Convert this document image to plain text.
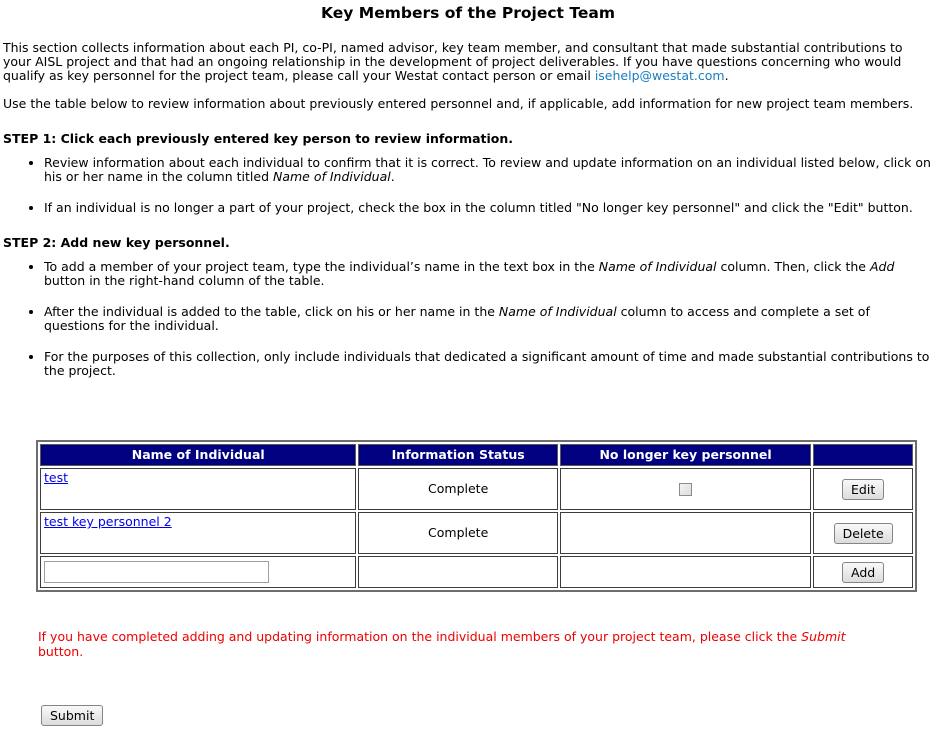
Key Members of the Project Team

This section collects information about each PI, co-PI, named advisor, key team member, and consultant that made substantial contributions to your AISL project and that had an ongoing relationship in the development of project deliverables. If you have questions concerning who would qualify as key personnel for the project team, please call your Westat contact person or email isehelp@westat.com.

Use the table below to review information about previously entered personnel and, if applicable, add information for new project team members.

STEP 1: Click each previously entered key person to review information.
• Review information about each individual to confirm that it is correct. To review and update information on an individual listed below, click on his or her name in the column titled Name of Individual.
• If an individual is no longer a part of your project, check the box in the column titled "No longer key personnel" and click the "Edit" button.
STEP 2: Add new key personnel.
• To add a member of your project team, type the individual’s name in the text box in the Name of Individual column. Then, click the Add button in the right-hand column of the table.
• After the individual is added to the table, click on his or her name in the Name of Individual column to access and complete a set of questions for the individual.
• For the purposes of this collection, only include individuals that dedicated a significant amount of time and made substantial contributions to the project.
Name of Individual	Information Status	No longer key personnel	
test	Complete		Edit
test key personnel 2	Complete		Delete
			Add
If you have completed adding and updating information on the individual members of your project team, please click the Submit button.
Submit
